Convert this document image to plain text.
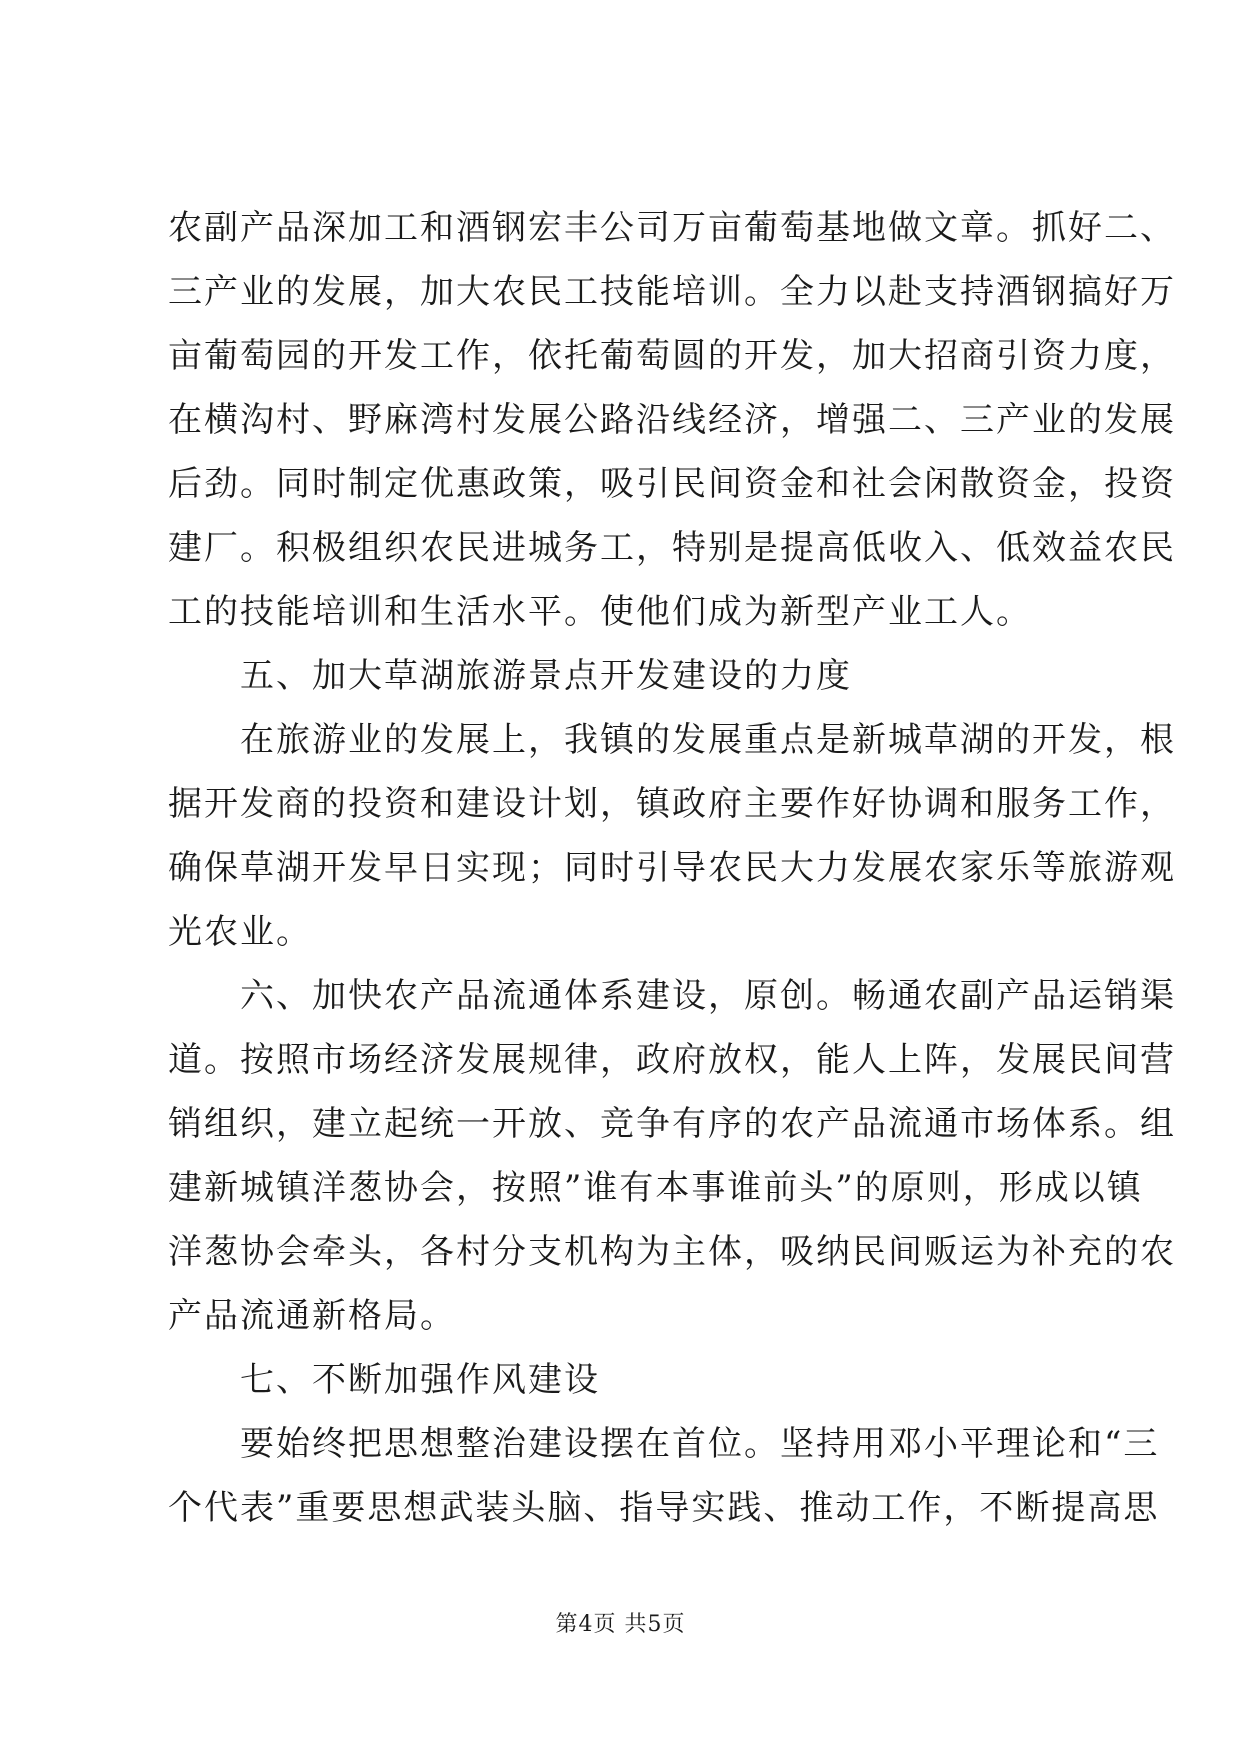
农副产品深加工和酒钢宏丰公司万亩葡萄基地做文章。抓好二、
三产业的发展，加大农民工技能培训。全力以赴支持酒钢搞好万
亩葡萄园的开发工作，依托葡萄圆的开发，加大招商引资力度，
在横沟村、野麻湾村发展公路沿线经济，增强二、三产业的发展
后劲。同时制定优惠政策，吸引民间资金和社会闲散资金，投资
建厂。积极组织农民进城务工，特别是提高低收入、低效益农民
工的技能培训和生活水平。使他们成为新型产业工人。
　　五、加大草湖旅游景点开发建设的力度
　　在旅游业的发展上，我镇的发展重点是新城草湖的开发，根
据开发商的投资和建设计划，镇政府主要作好协调和服务工作，
确保草湖开发早日实现；同时引导农民大力发展农家乐等旅游观
光农业。
　　六、加快农产品流通体系建设，原创。畅通农副产品运销渠
道。按照市场经济发展规律，政府放权，能人上阵，发展民间营
销组织，建立起统一开放、竞争有序的农产品流通市场体系。组
建新城镇洋葱协会，按照”谁有本事谁前头”的原则，形成以镇
洋葱协会牵头，各村分支机构为主体，吸纳民间贩运为补充的农
产品流通新格局。
　　七、不断加强作风建设
　　要始终把思想整治建设摆在首位。坚持用邓小平理论和“三
个代表”重要思想武装头脑、指导实践、推动工作，不断提高思
第4页 共5页
